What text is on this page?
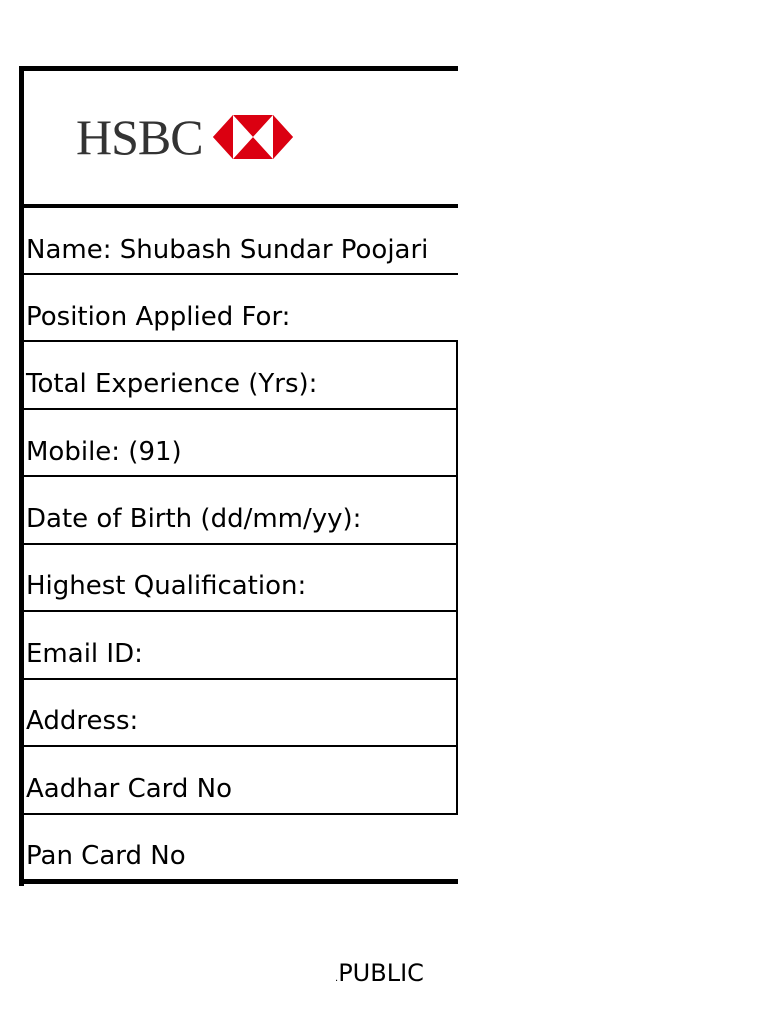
HSBC
Name: Shubash Sundar Poojari
Position Applied For:
Total Experience (Yrs):
Mobile: (91)
Date of Birth (dd/mm/yy):
Highest Qualification:
Email ID:
Address:
Aadhar Card No
Pan Card No
.PUBLIC
